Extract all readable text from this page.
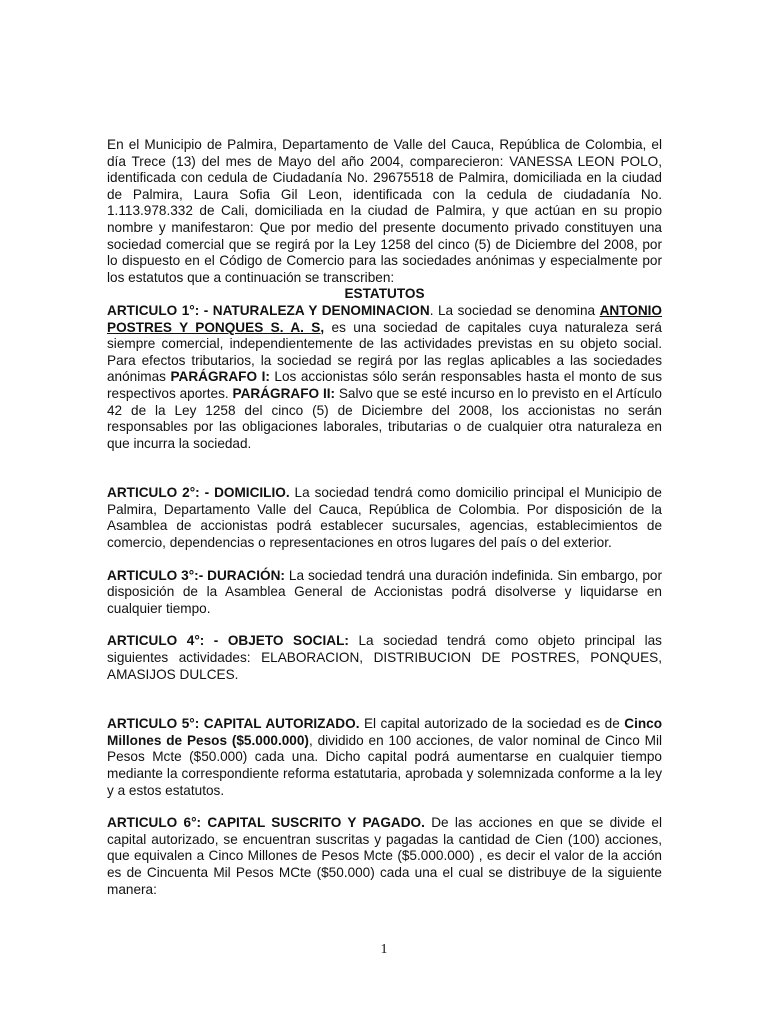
En el Municipio de Palmira, Departamento de Valle del Cauca, República de Colombia, el día Trece (13) del mes de Mayo del año 2004, comparecieron: VANESSA LEON POLO, identificada con cedula de Ciudadanía No. 29675518 de Palmira, domiciliada en la ciudad de Palmira, Laura Sofia Gil Leon, identificada con la cedula de ciudadanía No. 1.113.978.332 de Cali, domiciliada en la ciudad de Palmira, y que actúan en su propio nombre y manifestaron: Que por medio del presente documento privado constituyen una sociedad comercial que se regirá por la Ley 1258 del cinco (5) de Diciembre del 2008, por lo dispuesto en el Código de Comercio para las sociedades anónimas y especialmente por los estatutos que a continuación se transcriben:

ESTATUTOS

ARTICULO 1°: - NATURALEZA Y DENOMINACION. La sociedad se denomina ANTONIO POSTRES Y PONQUES S. A. S, es una sociedad de capitales cuya naturaleza será siempre comercial, independientemente de las actividades previstas en su objeto social. Para efectos tributarios, la sociedad se regirá por las reglas aplicables a las sociedades anónimas PARÁGRAFO I: Los accionistas sólo serán responsables hasta el monto de sus respectivos aportes. PARÁGRAFO II: Salvo que se esté incurso en lo previsto en el Artículo 42 de la Ley 1258 del cinco (5) de Diciembre del 2008, los accionistas no serán responsables por las obligaciones laborales, tributarias o de cualquier otra naturaleza en que incurra la sociedad.

ARTICULO 2°: - DOMICILIO. La sociedad tendrá como domicilio principal el Municipio de Palmira, Departamento Valle del Cauca, República de Colombia. Por disposición de la Asamblea de accionistas podrá establecer sucursales, agencias, establecimientos de comercio, dependencias o representaciones en otros lugares del país o del exterior.

ARTICULO 3°:- DURACIÓN: La sociedad tendrá una duración indefinida. Sin embargo, por disposición de la Asamblea General de Accionistas podrá disolverse y liquidarse en cualquier tiempo.

ARTICULO 4°: - OBJETO SOCIAL: La sociedad tendrá como objeto principal las siguientes actividades: ELABORACION, DISTRIBUCION DE POSTRES, PONQUES, AMASIJOS DULCES.

ARTICULO 5°: CAPITAL AUTORIZADO. El capital autorizado de la sociedad es de Cinco Millones de Pesos ($5.000.000), dividido en 100 acciones, de valor nominal de Cinco Mil Pesos Mcte ($50.000) cada una. Dicho capital podrá aumentarse en cualquier tiempo mediante la correspondiente reforma estatutaria, aprobada y solemnizada conforme a la ley y a estos estatutos.

ARTICULO 6°: CAPITAL SUSCRITO Y PAGADO. De las acciones en que se divide el capital autorizado, se encuentran suscritas y pagadas la cantidad de Cien (100) acciones, que equivalen a Cinco Millones de Pesos Mcte ($5.000.000) , es decir el valor de la acción es de Cincuenta Mil Pesos MCte ($50.000) cada una el cual se distribuye de la siguiente manera:

1
